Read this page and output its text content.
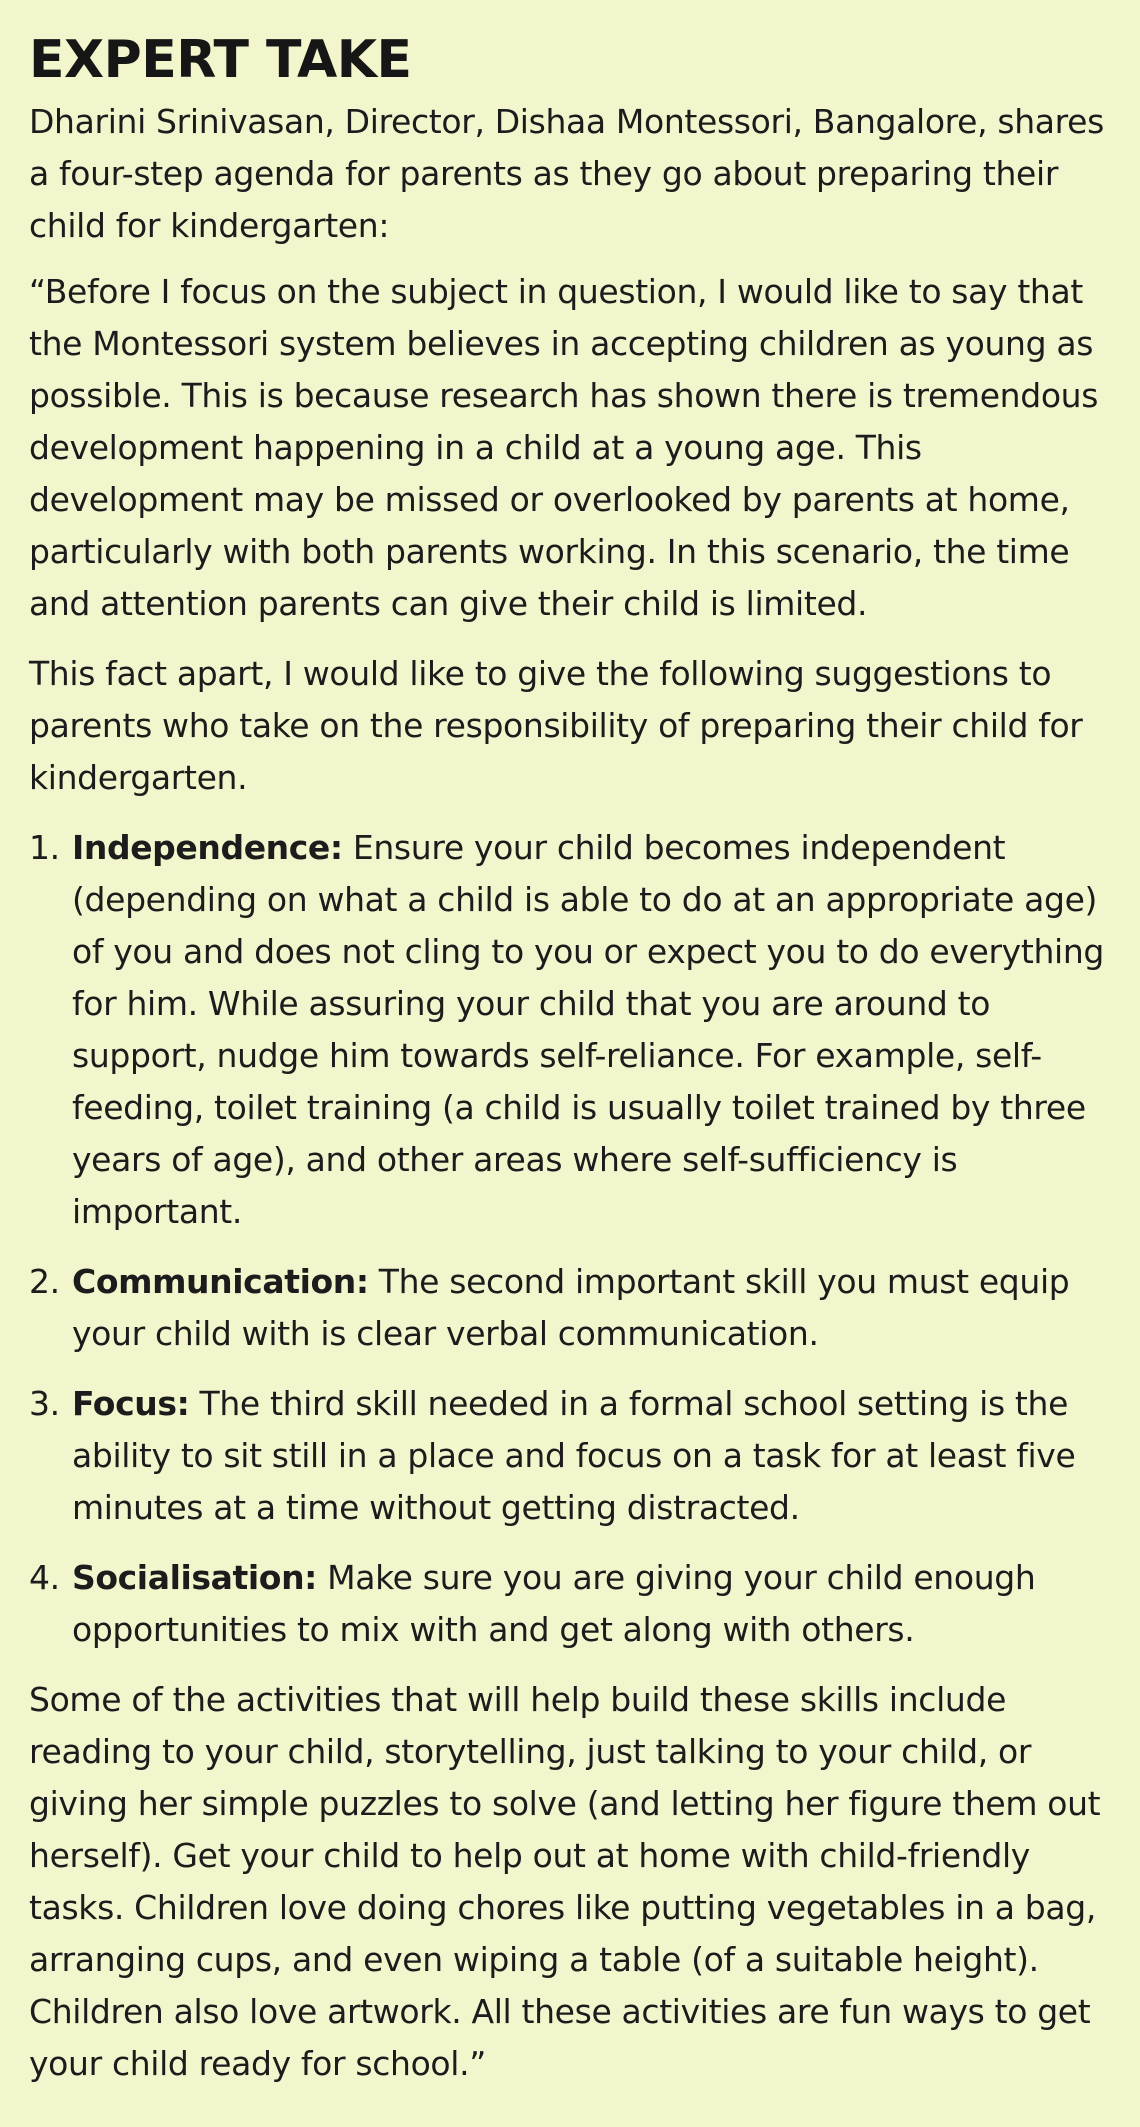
EXPERT TAKE

Dharini Srinivasan, Director, Dishaa Montessori, Bangalore, shares a four-step agenda for parents as they go about preparing their child for kindergarten:

“Before I focus on the subject in question, I would like to say that the Montessori system believes in accepting children as young as possible. This is because research has shown there is tremendous development happening in a child at a young age. This development may be missed or overlooked by parents at home, particularly with both parents working. In this scenario, the time and attention parents can give their child is limited.

This fact apart, I would like to give the following suggestions to parents who take on the responsibility of preparing their child for kindergarten.

1. Independence: Ensure your child becomes independent (depending on what a child is able to do at an appropriate age) of you and does not cling to you or expect you to do everything for him. While assuring your child that you are around to support, nudge him towards self-reliance. For example, self-feeding, toilet training (a child is usually toilet trained by three years of age), and other areas where self-sufficiency is important.
2. Communication: The second important skill you must equip your child with is clear verbal communication.
3. Focus: The third skill needed in a formal school setting is the ability to sit still in a place and focus on a task for at least five minutes at a time without getting distracted.
4. Socialisation: Make sure you are giving your child enough opportunities to mix with and get along with others.

Some of the activities that will help build these skills include reading to your child, storytelling, just talking to your child, or giving her simple puzzles to solve (and letting her figure them out herself). Get your child to help out at home with child-friendly tasks. Children love doing chores like putting vegetables in a bag, arranging cups, and even wiping a table (of a suitable height). Children also love artwork. All these activities are fun ways to get your child ready for school.”
